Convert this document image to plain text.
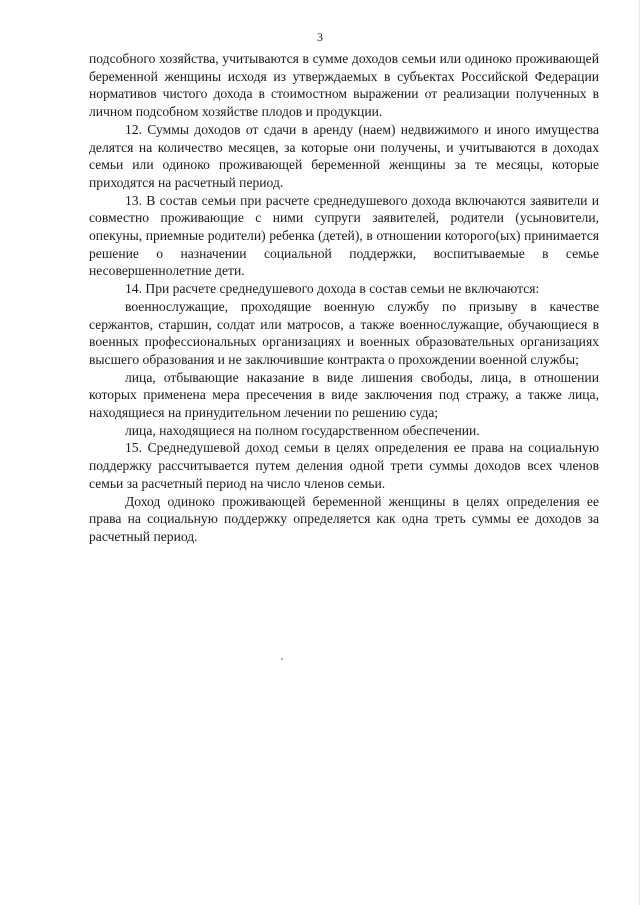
3

подсобного хозяйства, учитываются в сумме доходов семьи или одиноко проживающей беременной женщины исходя из утверждаемых в субъектах Российской Федерации нормативов чистого дохода в стоимостном выражении от реализации полученных в личном подсобном хозяйстве плодов и продукции.

12. Суммы доходов от сдачи в аренду (наем) недвижимого и иного имущества делятся на количество месяцев, за которые они получены, и учитываются в доходах семьи или одиноко проживающей беременной женщины за те месяцы, которые приходятся на расчетный период.

13. В состав семьи при расчете среднедушевого дохода включаются заявители и совместно проживающие с ними супруги заявителей, родители (усыновители, опекуны, приемные родители) ребенка (детей), в отношении которого(ых) принимается решение о назначении социальной поддержки, воспитываемые в семье несовершеннолетние дети.

14. При расчете среднедушевого дохода в состав семьи не включаются:

военнослужащие, проходящие военную службу по призыву в качестве сержантов, старшин, солдат или матросов, а также военнослужащие, обучающиеся в военных профессиональных организациях и военных образовательных организациях высшего образования и не заключившие контракта о прохождении военной службы;

лица, отбывающие наказание в виде лишения свободы, лица, в отношении которых применена мера пресечения в виде заключения под стражу, а также лица, находящиеся на принудительном лечении по решению суда;

лица, находящиеся на полном государственном обеспечении.

15. Среднедушевой доход семьи в целях определения ее права на социальную поддержку рассчитывается путем деления одной трети суммы доходов всех членов семьи за расчетный период на число членов семьи.

Доход одиноко проживающей беременной женщины в целях определения ее права на социальную поддержку определяется как одна треть суммы ее доходов за расчетный период.
